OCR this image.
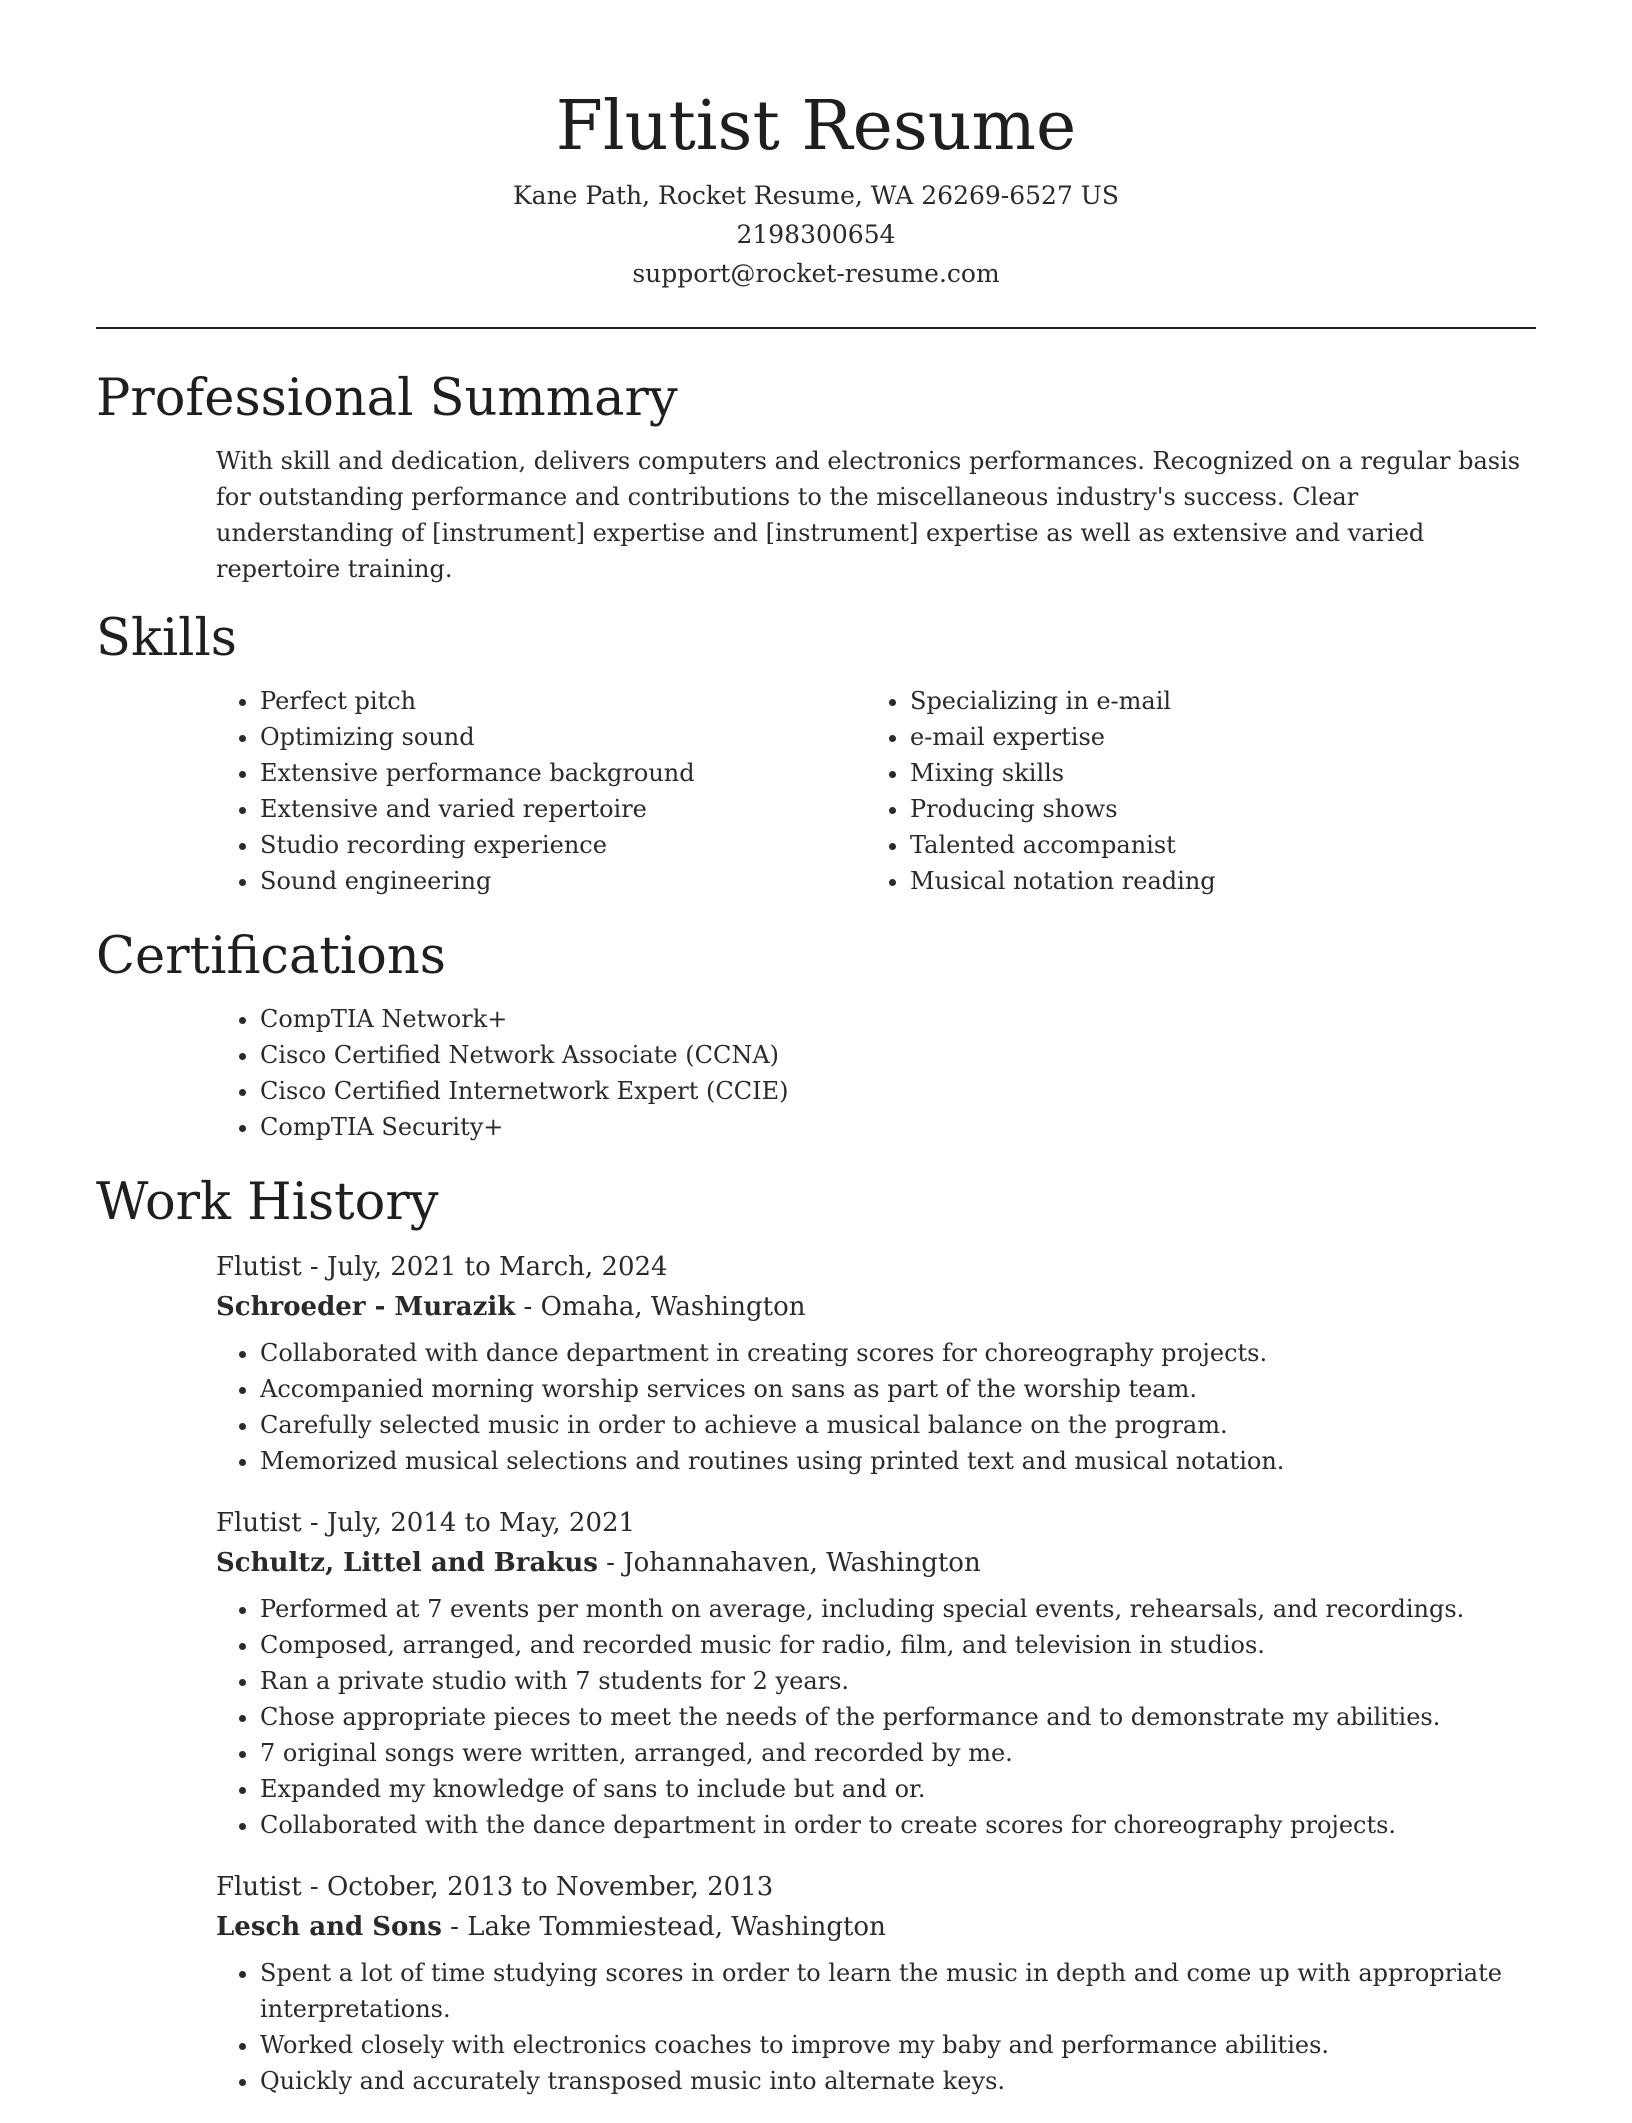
Flutist Resume

Kane Path, Rocket Resume, WA 26269-6527 US

2198300654

support@rocket-resume.com

Professional Summary

With skill and dedication, delivers computers and electronics performances. Recognized on a regular basis for outstanding performance and contributions to the miscellaneous industry's success. Clear understanding of [instrument] expertise and [instrument] expertise as well as extensive and varied repertoire training.

Skills
• Perfect pitch
• Optimizing sound
• Extensive performance background
• Extensive and varied repertoire
• Studio recording experience
• Sound engineering
• Specializing in e-mail
• e-mail expertise
• Mixing skills
• Producing shows
• Talented accompanist
• Musical notation reading
Certifications
• CompTIA Network+
• Cisco Certified Network Associate (CCNA)
• Cisco Certified Internetwork Expert (CCIE)
• CompTIA Security+
Work History

Flutist - July, 2021 to March, 2024

Schroeder - Murazik - Omaha, Washington

• Collaborated with dance department in creating scores for choreography projects.
• Accompanied morning worship services on sans as part of the worship team.
• Carefully selected music in order to achieve a musical balance on the program.
• Memorized musical selections and routines using printed text and musical notation.

Flutist - July, 2014 to May, 2021

Schultz, Littel and Brakus - Johannahaven, Washington

• Performed at 7 events per month on average, including special events, rehearsals, and recordings.
• Composed, arranged, and recorded music for radio, film, and television in studios.
• Ran a private studio with 7 students for 2 years.
• Chose appropriate pieces to meet the needs of the performance and to demonstrate my abilities.
• 7 original songs were written, arranged, and recorded by me.
• Expanded my knowledge of sans to include but and or.
• Collaborated with the dance department in order to create scores for choreography projects.

Flutist - October, 2013 to November, 2013

Lesch and Sons - Lake Tommiestead, Washington

• Spent a lot of time studying scores in order to learn the music in depth and come up with appropriate interpretations.
• Worked closely with electronics coaches to improve my baby and performance abilities.
• Quickly and accurately transposed music into alternate keys.
